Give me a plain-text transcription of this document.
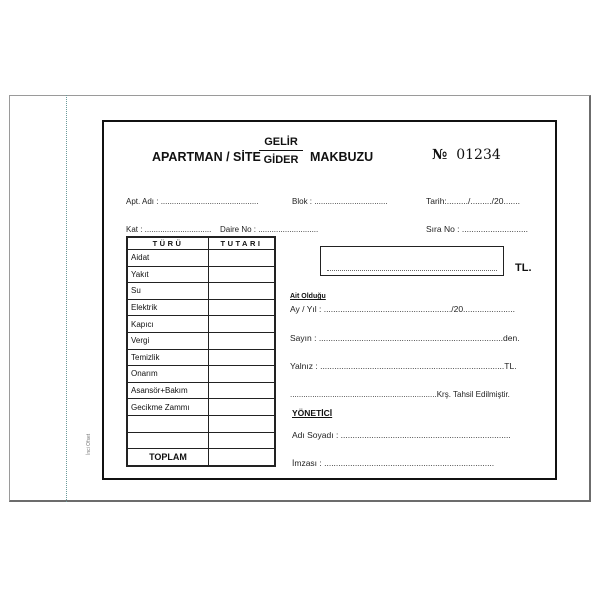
İnci Ofset
APARTMAN / SİTE
GELİR
GİDER MAKBUZU	№ 01234
Apt. Adı : ............................................	Blok : .................................	Tarih:........./........./20.......
Kat : .............................. Daire No : ...........................	Sıra No : ............................
TÜRÜ	TUTARI
Aidat	
Yakıt	
Su	
Elektrik	
Kapıcı	
Vergi	
Temizlik	
Onarım	
Asansör+Bakım	
Gecikme Zammı	

TOPLAM	
TL.
Ait Olduğu
Ay / Yıl : ....................................................../20......................
Sayın : ..............................................................................den.
Yalnız : ..............................................................................TL.
..................................................................Krş. Tahsil Edilmiştir.
YÖNETİCİ
Adı Soyadı : ........................................................................
İmzası : ........................................................................
